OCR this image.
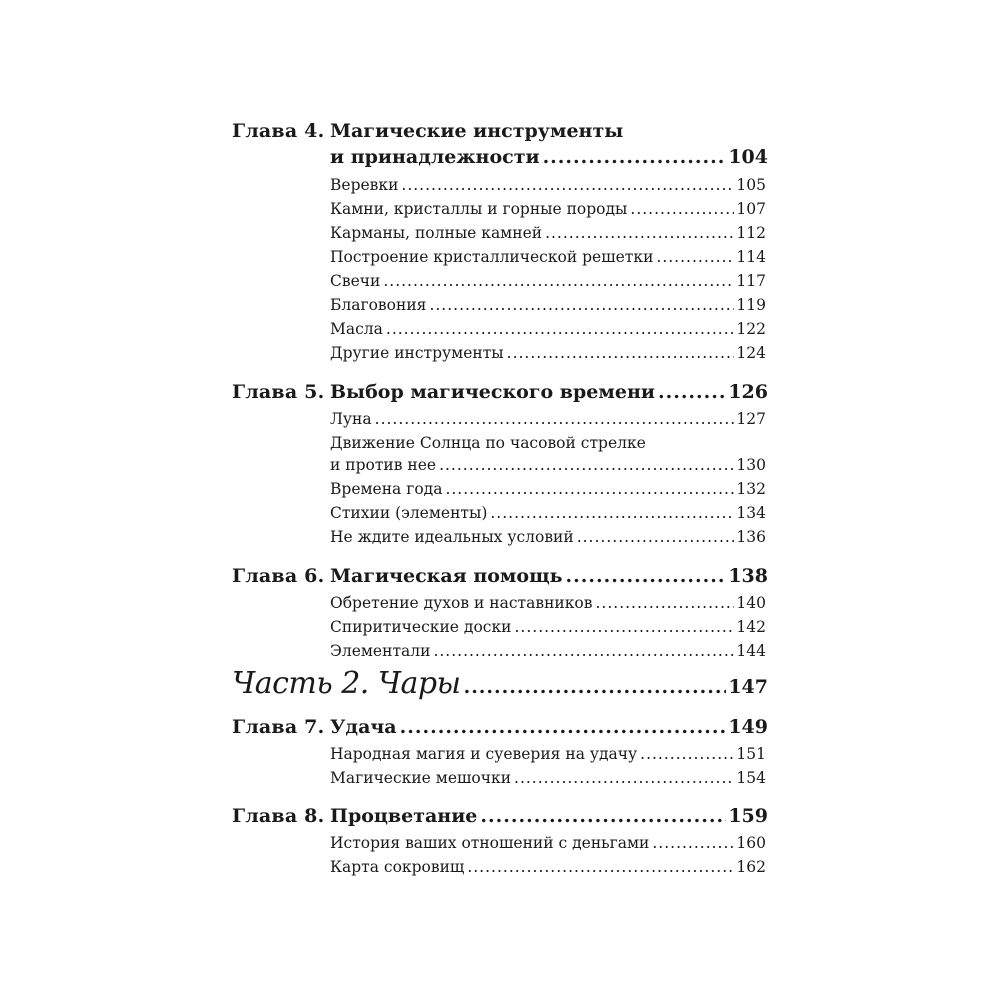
Глава 4. Магические инструменты
и принадлежности .....	104
Веревки .....	105
Камни, кристаллы и горные породы .....	107
Карманы, полные камней .....	112
Построение кристаллической решетки .....	114
Свечи .....	117
Благовония .....	119
Масла .....	122
Другие инструменты .....	124
Глава 5. Выбор магического времени .....	126
Луна .....	127
Движение Солнца по часовой стрелке
и против нее .....	130
Времена года .....	132
Стихии (элементы) .....	134
Не ждите идеальных условий .....	136
Глава 6. Магическая помощь .....	138
Обретение духов и наставников .....	140
Спиритические доски .....	142
Элементали .....	144
Часть 2. Чары .....	147
Глава 7. Удача .....	149
Народная магия и суеверия на удачу .....	151
Магические мешочки .....	154
Глава 8. Процветание .....	159
История ваших отношений с деньгами .....	160
Карта сокровищ .....	162
